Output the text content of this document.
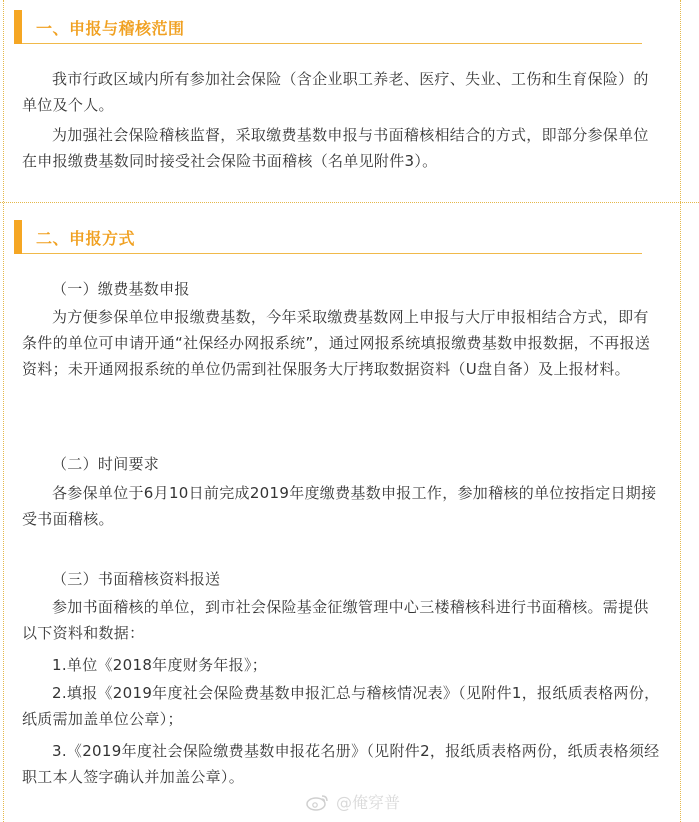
一、申报与稽核范围

我市行政区域内所有参加社会保险（含企业职工养老、医疗、失业、工伤和生育保险）的单位及个人。

为加强社会保险稽核监督，采取缴费基数申报与书面稽核相结合的方式，即部分参保单位在申报缴费基数同时接受社会保险书面稽核（名单见附件3）。

二、申报方式

（一）缴费基数申报

为方便参保单位申报缴费基数，今年采取缴费基数网上申报与大厅申报相结合方式，即有条件的单位可申请开通“社保经办网报系统”，通过网报系统填报缴费基数申报数据，不再报送资料；未开通网报系统的单位仍需到社保服务大厅拷取数据资料（U盘自备）及上报材料。

（二）时间要求

各参保单位于6月10日前完成2019年度缴费基数申报工作，参加稽核的单位按指定日期接受书面稽核。

（三）书面稽核资料报送

参加书面稽核的单位，到市社会保险基金征缴管理中心三楼稽核科进行书面稽核。需提供以下资料和数据：

1.单位《2018年度财务年报》；

2.填报《2019年度社会保险费基数申报汇总与稽核情况表》（见附件1，报纸质表格两份，纸质需加盖单位公章）；

3.《2019年度社会保险缴费基数申报花名册》（见附件2，报纸质表格两份，纸质表格须经职工本人签字确认并加盖公章）。

@俺穿普
